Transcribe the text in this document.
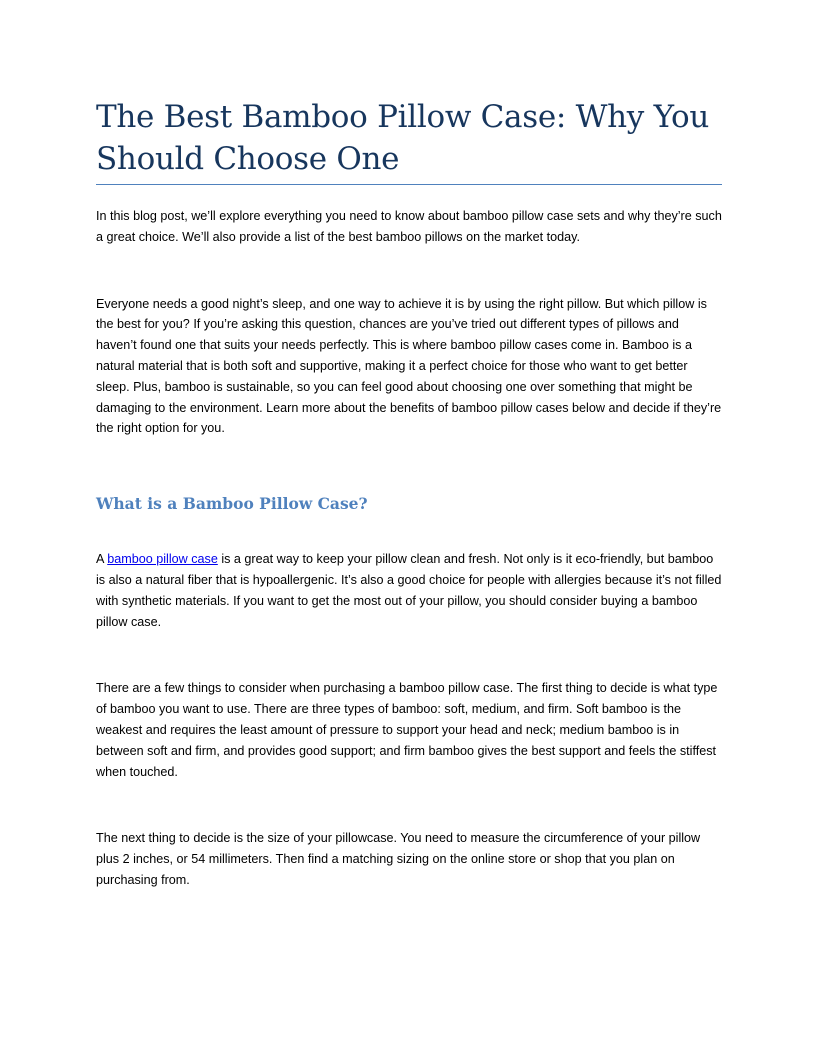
The Best Bamboo Pillow Case: Why You Should Choose One

In this blog post, we’ll explore everything you need to know about bamboo pillow case sets and why they’re such a great choice. We’ll also provide a list of the best bamboo pillows on the market today.

Everyone needs a good night’s sleep, and one way to achieve it is by using the right pillow. But which pillow is the best for you? If you’re asking this question, chances are you’ve tried out different types of pillows and haven’t found one that suits your needs perfectly. This is where bamboo pillow cases come in. Bamboo is a natural material that is both soft and supportive, making it a perfect choice for those who want to get better sleep. Plus, bamboo is sustainable, so you can feel good about choosing one over something that might be damaging to the environment. Learn more about the benefits of bamboo pillow cases below and decide if they’re the right option for you.

What is a Bamboo Pillow Case?

A bamboo pillow case is a great way to keep your pillow clean and fresh. Not only is it eco-friendly, but bamboo is also a natural fiber that is hypoallergenic. It’s also a good choice for people with allergies because it’s not filled with synthetic materials. If you want to get the most out of your pillow, you should consider buying a bamboo pillow case.

There are a few things to consider when purchasing a bamboo pillow case. The first thing to decide is what type of bamboo you want to use. There are three types of bamboo: soft, medium, and firm. Soft bamboo is the weakest and requires the least amount of pressure to support your head and neck; medium bamboo is in between soft and firm, and provides good support; and firm bamboo gives the best support and feels the stiffest when touched.

The next thing to decide is the size of your pillowcase. You need to measure the circumference of your pillow plus 2 inches, or 54 millimeters. Then find a matching sizing on the online store or shop that you plan on purchasing from.
